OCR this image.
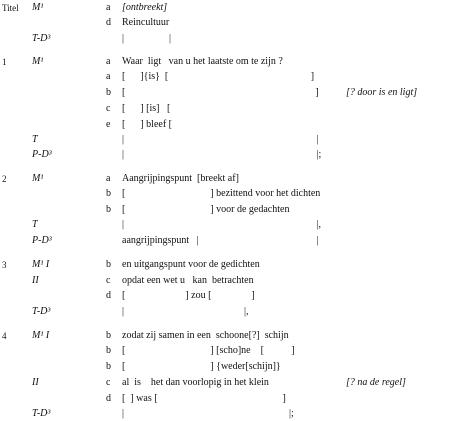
Titel M¹	a [ontbreekt]
d Reincultuur
T-D³	|                  |
1	M¹	a Waar  ligt   van u het laatste om te zijn ?
a [      ]{is}  [                                                         ]
b [                                                                            ]	[? door is en ligt]
c [      ] [is]   [
e [      ] bleef [
T	|                                                                             |
P-D³	|                                                                             |;
2	M¹	a Aangrijpingspunt  [breekt af]
b [                                  ] bezittend voor het dichten
b [                                  ] voor de gedachten
T	|                                                                             |,
P-D³	aangrijpingspunt   |                                               |
3	M¹ I	b en uitgangspunt voor de gedichten
II	c opdat een wet u   kan  betrachten
d [                        ] zou [                ]
T-D³	|                                                |,
4	M¹ I	b zodat zij samen in een  schoone[?]  schijn
b [                                  ] [scho]ne    [           ]
b [                                  ] {weder[schijn]}
II	c al  is    het dan voorlopig in het klein	[? na de regel]
d [  ] was [                                                  ]
T-D³	|                                                                  |;
